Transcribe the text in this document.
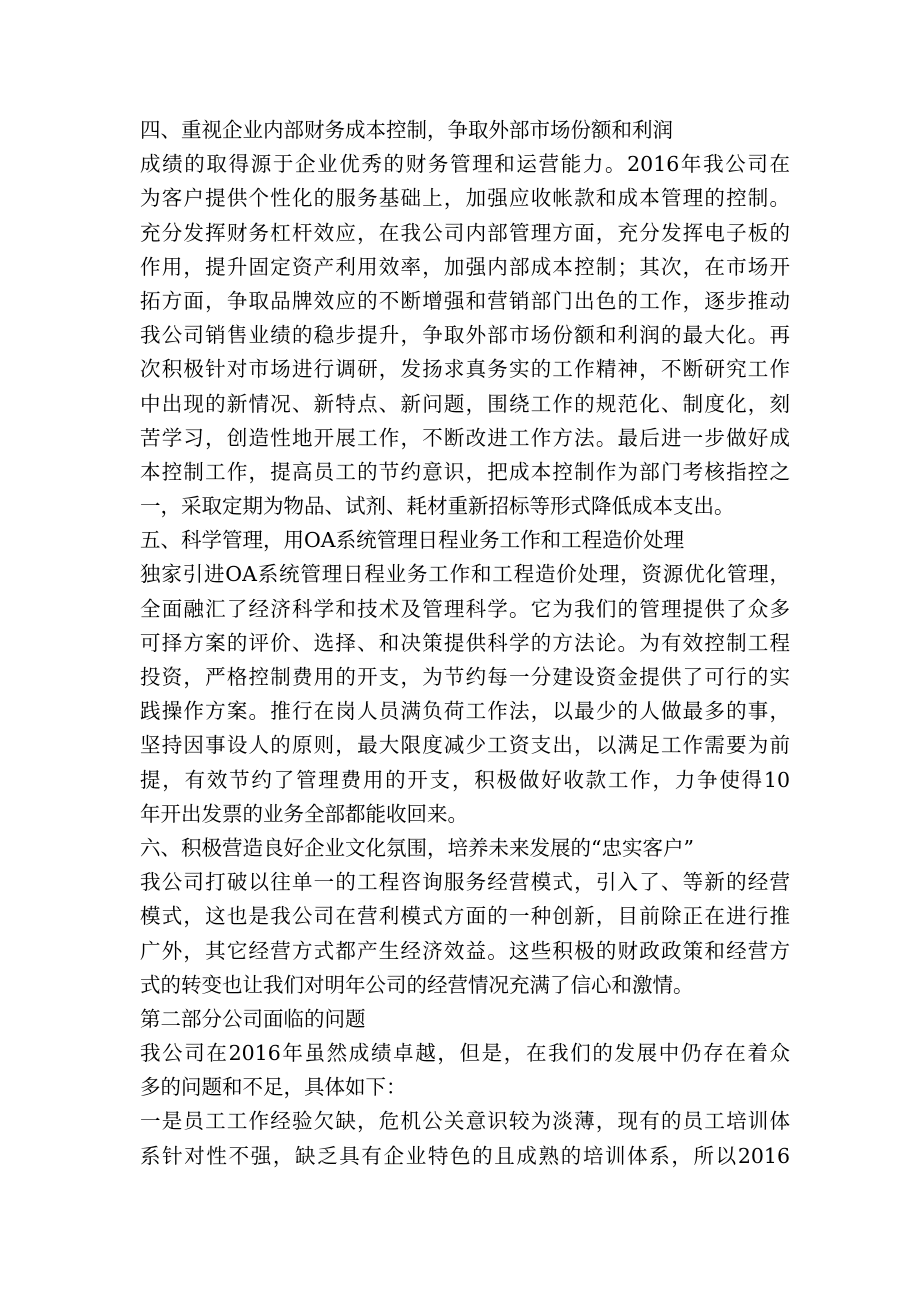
四、重视企业内部财务成本控制，争取外部市场份额和利润
成绩的取得源于企业优秀的财务管理和运营能力。2016年我公司在
为客户提供个性化的服务基础上，加强应收帐款和成本管理的控制。
充分发挥财务杠杆效应，在我公司内部管理方面，充分发挥电子板的
作用，提升固定资产利用效率，加强内部成本控制；其次，在市场开
拓方面，争取品牌效应的不断增强和营销部门出色的工作，逐步推动
我公司销售业绩的稳步提升，争取外部市场份额和利润的最大化。再
次积极针对市场进行调研，发扬求真务实的工作精神，不断研究工作
中出现的新情况、新特点、新问题，围绕工作的规范化、制度化，刻
苦学习，创造性地开展工作，不断改进工作方法。最后进一步做好成
本控制工作，提高员工的节约意识，把成本控制作为部门考核指控之
一，采取定期为物品、试剂、耗材重新招标等形式降低成本支出。
五、科学管理，用OA系统管理日程业务工作和工程造价处理
独家引进OA系统管理日程业务工作和工程造价处理，资源优化管理，
全面融汇了经济科学和技术及管理科学。它为我们的管理提供了众多
可择方案的评价、选择、和决策提供科学的方法论。为有效控制工程
投资，严格控制费用的开支，为节约每一分建设资金提供了可行的实
践操作方案。推行在岗人员满负荷工作法，以最少的人做最多的事，
坚持因事设人的原则，最大限度减少工资支出，以满足工作需要为前
提，有效节约了管理费用的开支，积极做好收款工作，力争使得10
年开出发票的业务全部都能收回来。
六、积极营造良好企业文化氛围，培养未来发展的“忠实客户”
我公司打破以往单一的工程咨询服务经营模式，引入了、等新的经营
模式，这也是我公司在营利模式方面的一种创新，目前除正在进行推
广外，其它经营方式都产生经济效益。这些积极的财政政策和经营方
式的转变也让我们对明年公司的经营情况充满了信心和激情。
第二部分公司面临的问题
我公司在2016年虽然成绩卓越，但是，在我们的发展中仍存在着众
多的问题和不足，具体如下：
一是员工工作经验欠缺，危机公关意识较为淡薄，现有的员工培训体
系针对性不强，缺乏具有企业特色的且成熟的培训体系，所以2016
